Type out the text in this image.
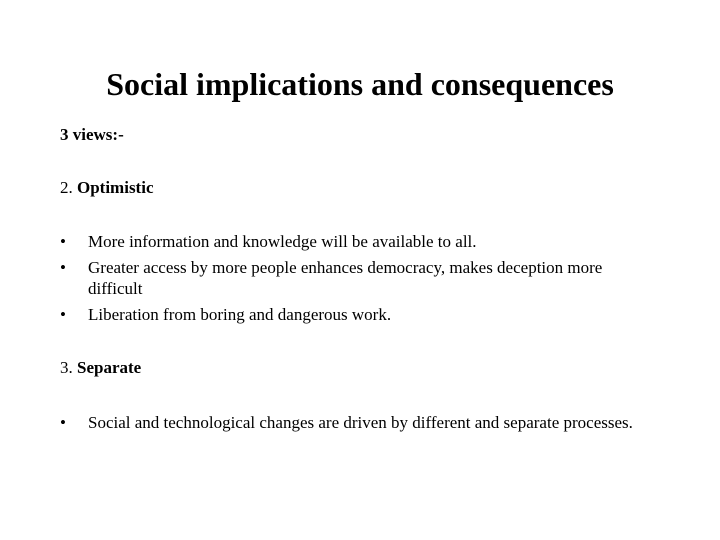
Social implications and consequences
3 views:-
2. Optimistic
•	More information and knowledge will be available to all.
•	Greater access by more people enhances democracy, makes deception more difficult
•	Liberation from boring and dangerous work.
3. Separate
•	Social and technological changes are driven by different and separate processes.
